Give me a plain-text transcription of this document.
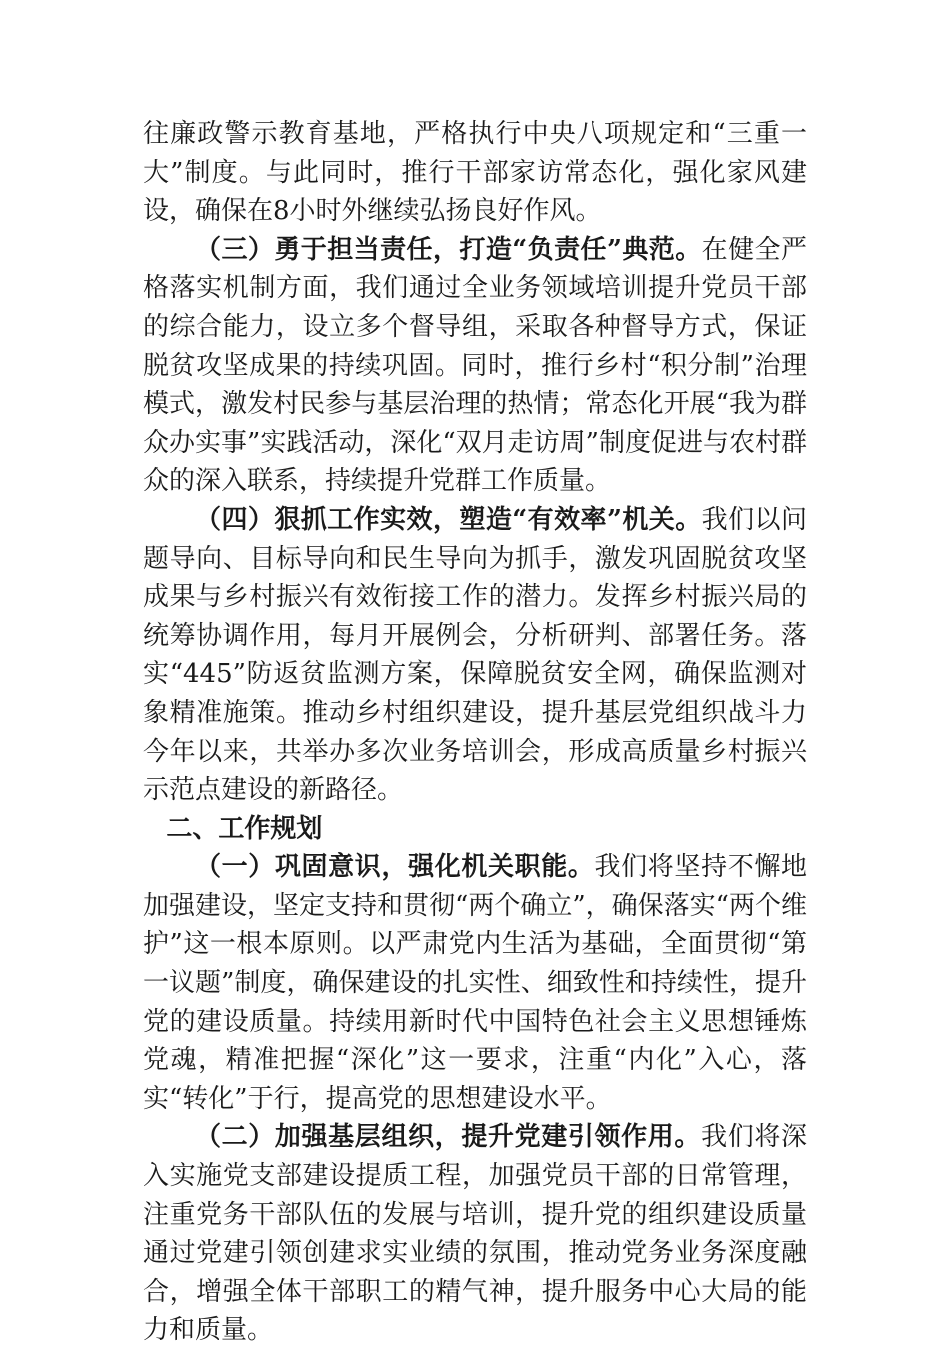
往廉政警示教育基地，严格执行中央八项规定和“三重一大”制度。与此同时，推行干部家访常态化，强化家风建设，确保在8小时外继续弘扬良好作风。

（三）勇于担当责任，打造“负责任”典范。在健全严格落实机制方面，我们通过全业务领域培训提升党员干部的综合能力，设立多个督导组，采取各种督导方式，保证脱贫攻坚成果的持续巩固。同时，推行乡村“积分制”治理模式，激发村民参与基层治理的热情；常态化开展“我为群众办实事”实践活动，深化“双月走访周”制度促进与农村群众的深入联系，持续提升党群工作质量。

（四）狠抓工作实效，塑造“有效率”机关。我们以问题导向、目标导向和民生导向为抓手，激发巩固脱贫攻坚成果与乡村振兴有效衔接工作的潜力。发挥乡村振兴局的统筹协调作用，每月开展例会，分析研判、部署任务。落实“445”防返贫监测方案，保障脱贫安全网，确保监测对象精准施策。推动乡村组织建设，提升基层党组织战斗力今年以来，共举办多次业务培训会，形成高质量乡村振兴示范点建设的新路径。

二、工作规划

（一）巩固意识，强化机关职能。我们将坚持不懈地加强建设，坚定支持和贯彻“两个确立”，确保落实“两个维护”这一根本原则。以严肃党内生活为基础，全面贯彻“第一议题”制度，确保建设的扎实性、细致性和持续性，提升党的建设质量。持续用新时代中国特色社会主义思想锤炼党魂，精准把握“深化”这一要求，注重“内化”入心，落实“转化”于行，提高党的思想建设水平。

（二）加强基层组织，提升党建引领作用。我们将深入实施党支部建设提质工程，加强党员干部的日常管理，注重党务干部队伍的发展与培训，提升党的组织建设质量通过党建引领创建求实业绩的氛围，推动党务业务深度融合，增强全体干部职工的精气神，提升服务中心大局的能力和质量。
